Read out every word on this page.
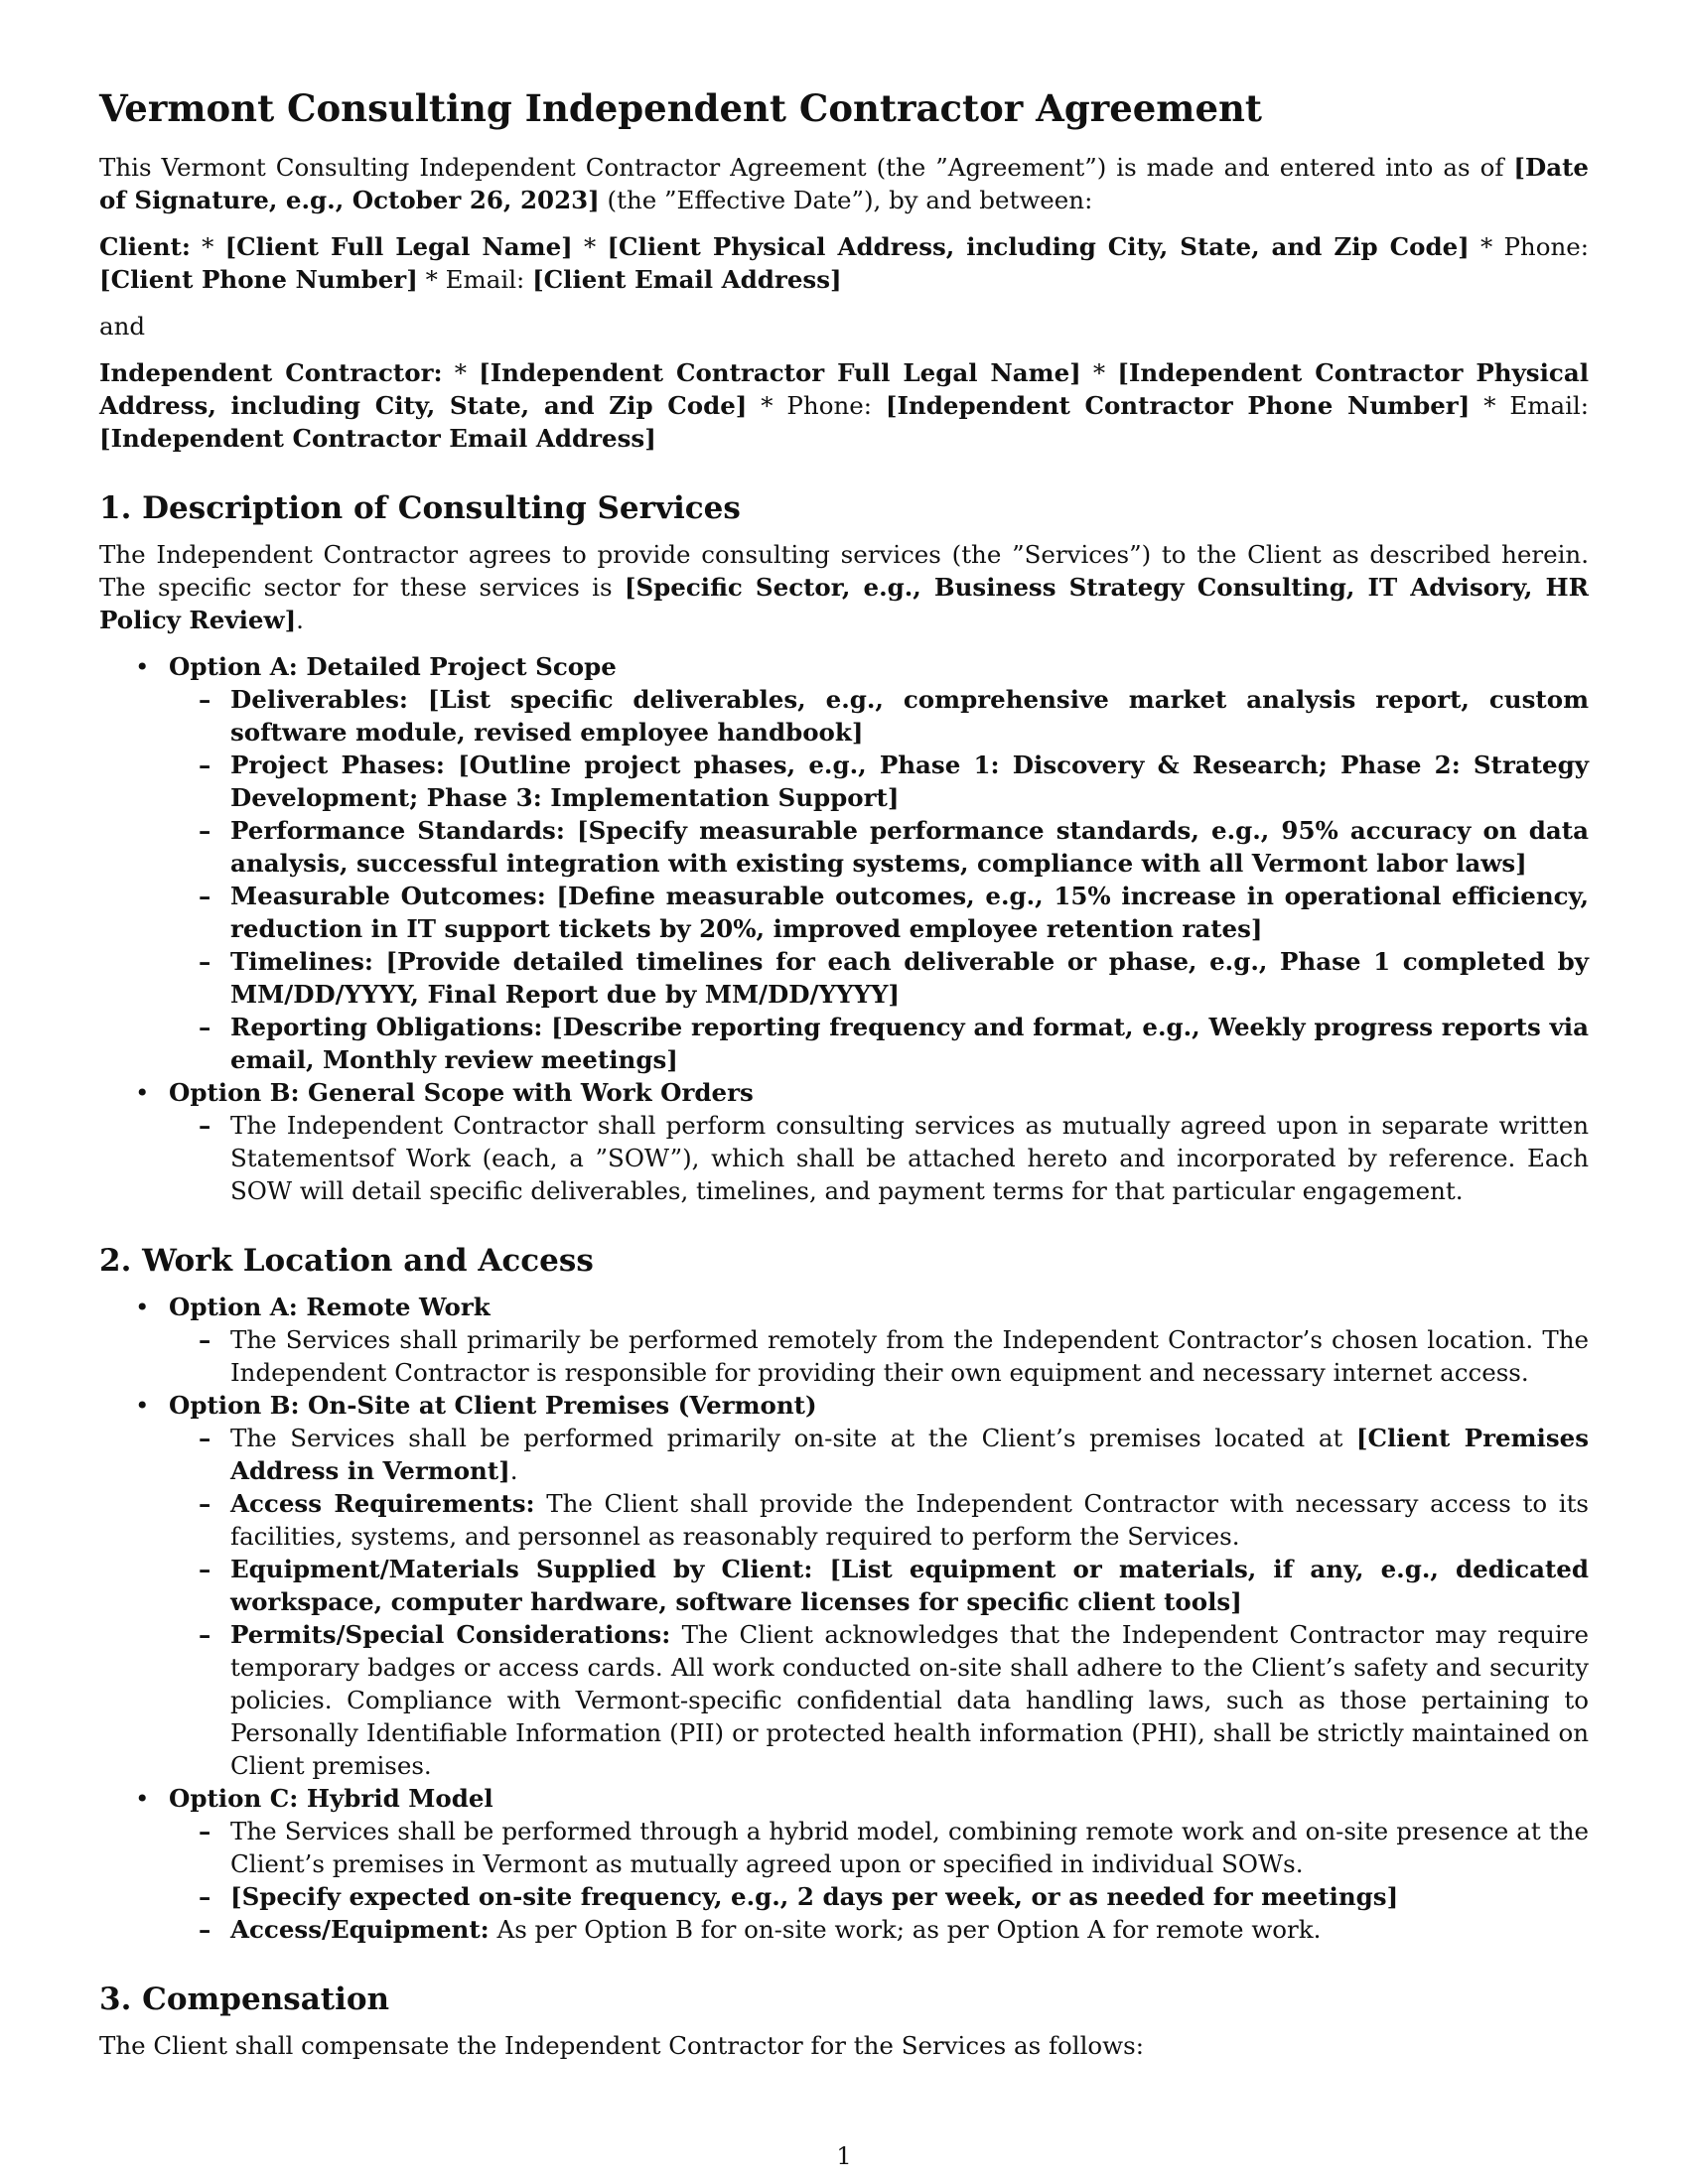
Vermont Consulting Independent Contractor Agreement

This Vermont Consulting Independent Contractor Agreement (the ”Agreement”) is made and entered into as of [Date of Signature, e.g., October 26, 2023] (the ”Effective Date”), by and between:

Client: * [Client Full Legal Name] * [Client Physical Address, including City, State, and Zip Code] * Phone: [Client Phone Number] * Email: [Client Email Address]

and

Independent Contractor: * [Independent Contractor Full Legal Name] * [Independent Contractor Physical Address, including City, State, and Zip Code] * Phone: [Independent Contractor Phone Number] * Email: [Independent Contractor Email Address]

1. Description of Consulting Services

The Independent Contractor agrees to provide consulting services (the ”Services”) to the Client as described herein. The specific sector for these services is [Specific Sector, e.g., Business Strategy Consulting, IT Advisory, HR Policy Review].

• Option A: Detailed Project Scope
– Deliverables: [List specific deliverables, e.g., comprehensive market analysis report, custom software module, revised employee handbook]
– Project Phases: [Outline project phases, e.g., Phase 1: Discovery & Research; Phase 2: Strategy Development; Phase 3: Implementation Support]
– Performance Standards: [Specify measurable performance standards, e.g., 95% accuracy on data analysis, successful integration with existing systems, compliance with all Vermont labor laws]
– Measurable Outcomes: [Define measurable outcomes, e.g., 15% increase in operational efficiency, reduction in IT support tickets by 20%, improved employee retention rates]
– Timelines: [Provide detailed timelines for each deliverable or phase, e.g., Phase 1 completed by MM/DD/YYYY, Final Report due by MM/DD/YYYY]
– Reporting Obligations: [Describe reporting frequency and format, e.g., Weekly progress reports via email, Monthly review meetings]
• Option B: General Scope with Work Orders
– The Independent Contractor shall perform consulting services as mutually agreed upon in separate written Statementsof Work (each, a ”SOW”), which shall be attached hereto and incorporated by reference. Each SOW will detail specific deliverables, timelines, and payment terms for that particular engagement.
2. Work Location and Access
• Option A: Remote Work
– The Services shall primarily be performed remotely from the Independent Contractor’s chosen location. The Independent Contractor is responsible for providing their own equipment and necessary internet access.
• Option B: On-Site at Client Premises (Vermont)
– The Services shall be performed primarily on-site at the Client’s premises located at [Client Premises Address in Vermont].
– Access Requirements: The Client shall provide the Independent Contractor with necessary access to its facilities, systems, and personnel as reasonably required to perform the Services.
– Equipment/Materials Supplied by Client: [List equipment or materials, if any, e.g., dedicated workspace, computer hardware, software licenses for specific client tools]
– Permits/Special Considerations: The Client acknowledges that the Independent Contractor may require temporary badges or access cards. All work conducted on-site shall adhere to the Client’s safety and security policies. Compliance with Vermont-specific confidential data handling laws, such as those pertaining to Personally Identifiable Information (PII) or protected health information (PHI), shall be strictly maintained on Client premises.
• Option C: Hybrid Model
– The Services shall be performed through a hybrid model, combining remote work and on-site presence at the Client’s premises in Vermont as mutually agreed upon or specified in individual SOWs.
– [Specify expected on-site frequency, e.g., 2 days per week, or as needed for meetings]
– Access/Equipment: As per Option B for on-site work; as per Option A for remote work.
3. Compensation

The Client shall compensate the Independent Contractor for the Services as follows:

1
